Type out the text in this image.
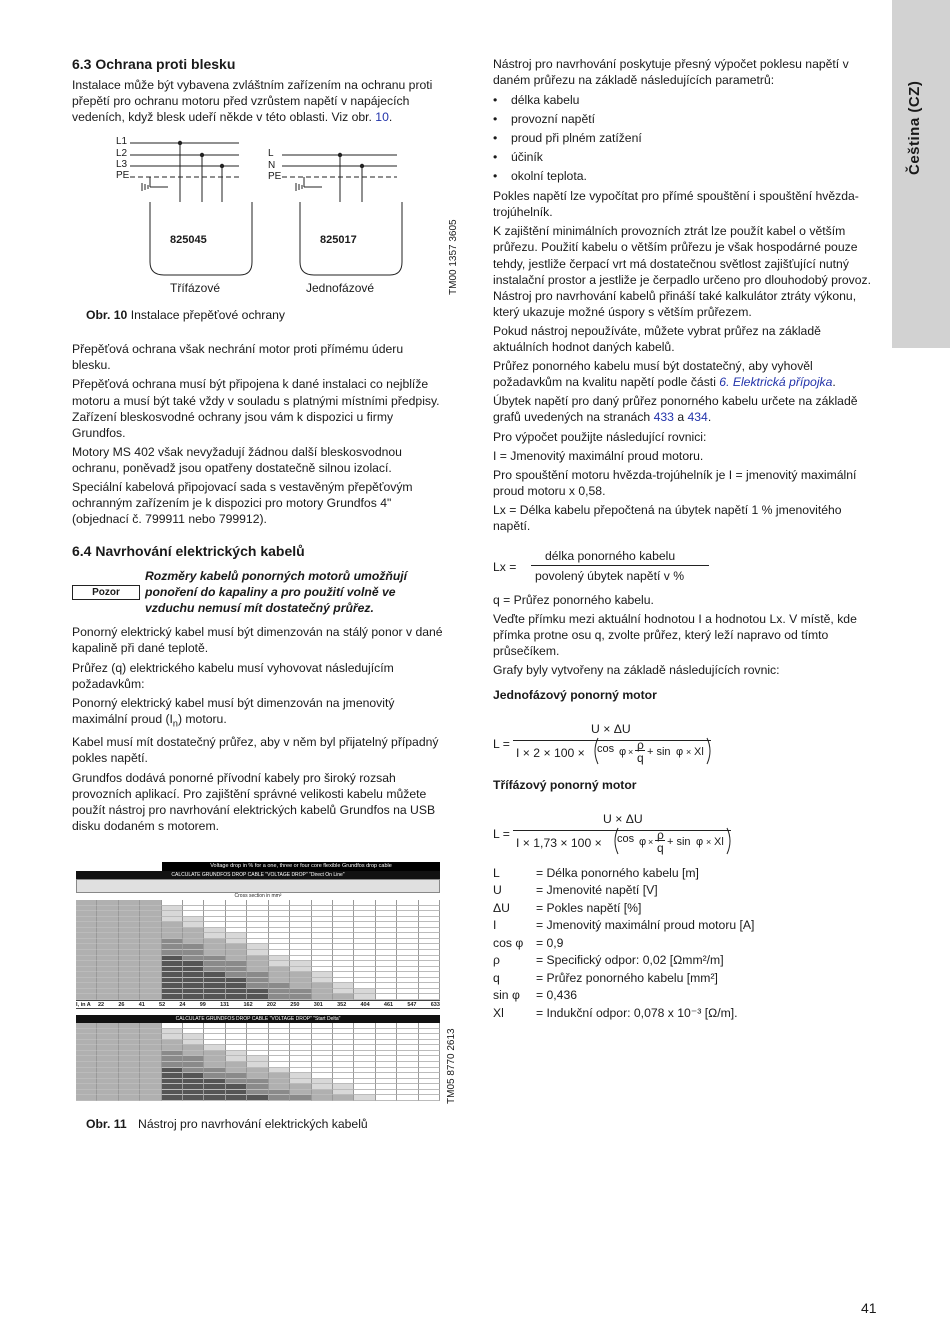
Čeština (CZ)
6.3 Ochrana proti blesku

Instalace může být vybavena zvláštním zařízením na ochranu proti přepětí pro ochranu motoru před vzrůstem napětí v napájecích vedeních, když blesk udeří někde v této oblasti. Viz obr. 10.

L1
L2
L3
PE
L
N
PE
825045	825017
Třífázové	Jednofázové	TM00 1357 3605
Obr. 10 Instalace přepěťové ochrany

Přepěťová ochrana však nechrání motor proti přímému úderu blesku.

Přepěťová ochrana musí být připojena k dané instalaci co nejblíže motoru a musí být také vždy v souladu s platnými místními předpisy. Zařízení bleskosvodné ochrany jsou vám k dispozici u firmy Grundfos.

Motory MS 402 však nevyžadují žádnou další bleskosvodnou ochranu, poněvadž jsou opatřeny dostatečně silnou izolací.

Speciální kabelová připojovací sada s vestavěným přepěťovým ochranným zařízením je k dispozici pro motory Grundfos 4" (objednací č. 799911 nebo 799912).

6.4 Navrhování elektrických kabelů
Pozor
Rozměry kabelů ponorných motorů umožňují ponoření do kapaliny a pro použití volně ve vzduchu nemusí mít dostatečný průřez.

Ponorný elektrický kabel musí být dimenzován na stálý ponor v dané kapalině při dané teplotě.

Průřez (q) elektrického kabelu musí vyhovovat následujícím požadavkům:

Ponorný elektrický kabel musí být dimenzován na jmenovitý maximální proud $(I_n)$ motoru.

Kabel musí mít dostatečný průřez, aby v něm byl přijatelný případný pokles napětí.

Grundfos dodává ponorné přívodní kabely pro široký rozsah provozních aplikací. Pro zajištění správné velikosti kabelu můžete použít nástroj pro navrhování elektrických kabelů Grundfos na USB disku dodaném s motorem.

Voltage drop in % for a one, three or four core flexible Grundfos drop cable
CALCULATE GRUNDFOS DROP CABLE "VOLTAGE DROP" "Direct On Line"
Cross section in mm²
I, in A	22	26	41	52	24	99	131	162	202	250	301	352	404	461	547	633
CALCULATE GRUNDFOS DROP CABLE "VOLTAGE DROP" "Start Delta"
TM05 8770 2613
Obr. 11 Nástroj pro navrhování elektrických kabelů

Nástroj pro navrhování poskytuje přesný výpočet poklesu napětí v daném průřezu na základě následujících parametrů:

• délka kabelu
• provozní napětí
• proud při plném zatížení
• účiník
• okolní teplota.

Pokles napětí lze vypočítat pro přímé spouštění i spouštění hvězda-trojúhelník.

K zajištění minimálních provozních ztrát lze použít kabel o větším průřezu. Použití kabelu o větším průřezu je však hospodárné pouze tehdy, jestliže čerpací vrt má dostatečnou světlost zajišťující nutný instalační prostor a jestliže je čerpadlo určeno pro dlouhodobý provoz. Nástroj pro navrhování kabelů přináší také kalkulátor ztráty výkonu, který ukazuje možné úspory s větším průřezem.

Pokud nástroj nepoužíváte, můžete vybrat průřez na základě aktuálních hodnot daných kabelů.

Průřez ponorného kabelu musí být dostatečný, aby vyhověl požadavkům na kvalitu napětí podle části 6. Elektrická přípojka.

Úbytek napětí pro daný průřez ponorného kabelu určete na základě grafů uvedených na stranách 433 a 434.

Pro výpočet použijte následující rovnici:

I = Jmenovitý maximální proud motoru.

Pro spouštění motoru hvězda-trojúhelník je I = jmenovitý maximální proud motoru x 0,58.

Lx = Délka kabelu přepočtená na úbytek napětí 1 % jmenovitého napětí.

Lx =
délka ponorného kabelu
povolený úbytek napětí v %

q = Průřez ponorného kabelu.

Veďte přímku mezi aktuální hodnotou I a hodnotou Lx. V místě, kde přímka protne osu q, zvolte průřez, který leží napravo od tímto průsečíkem.

Grafy byly vytvořeny na základě následujících rovnic:

Jednofázový ponorný motor
L =
U × ΔU
I × 2 × 100 × cos φ × ρ
q + sin φ × Xl
Třífázový ponorný motor
L =
U × ΔU
I × 1,73 × 100 × cos φ × ρ
q + sin φ × Xl
L	= Délka ponorného kabelu [m]
U	= Jmenovité napětí [V]
ΔU	= Pokles napětí [%]
I	= Jmenovitý maximální proud motoru [A]
cos φ	= 0,9
ρ	= Specifický odpor: 0,02 [Ωmm²/m]
q	= Průřez ponorného kabelu [mm²]
sin φ	= 0,436
Xl	= Indukční odpor: 0,078 x 10⁻³ [Ω/m].
41
